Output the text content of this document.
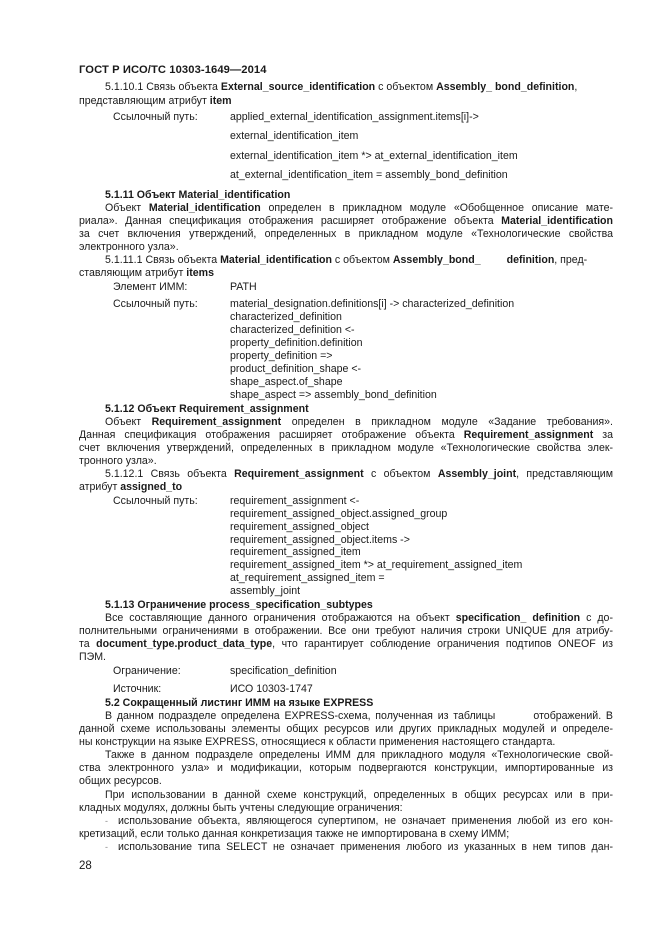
ГОСТ Р ИСО/ТС 10303-1649—2014
5.1.10.1 Связь объекта External_source_identification с объектом Assembly_ bond_definition,
представляющим атрибут item
Ссылочный путь:	applied_external_identification_assignment.items[i]->
external_identification_item
external_identification_item *> at_external_identification_item
at_external_identification_item = assembly_bond_definition
5.1.11 Объект Material_identification
Объект Material_identification определен в прикладном модуле «Обобщенное описание мате-
риала». Данная спецификация отображения расширяет отображение объекта Material_identification
за счет включения утверждений, определенных в прикладном модуле «Технологические свойства
электронного узла».
5.1.11.1 Связь объекта Material_identification с объектом Assembly_bond_ definition, пред-
ставляющим атрибут items
Элемент ИММ:	PATH
Ссылочный путь:	material_designation.definitions[i] -> characterized_definition
characterized_definition
characterized_definition <-
property_definition.definition
property_definition =>
product_definition_shape <-
shape_aspect.of_shape
shape_aspect => assembly_bond_definition
5.1.12 Объект Requirement_assignment
Объект Requirement_assignment определен в прикладном модуле «Задание требования».
Данная спецификация отображения расширяет отображение объекта Requirement_assignment за
счет включения утверждений, определенных в прикладном модуле «Технологические свойства элек-
тронного узла».
5.1.12.1 Связь объекта Requirement_assignment с объектом Assembly_joint, представляющим
атрибут assigned_to
Ссылочный путь:	requirement_assignment <-
requirement_assigned_object.assigned_group
requirement_assigned_object
requirement_assigned_object.items ->
requirement_assigned_item
requirement_assigned_item *> at_requirement_assigned_item
at_requirement_assigned_item =
assembly_joint
5.1.13 Ограничение process_specification_subtypes
Все составляющие данного ограничения отображаются на объект specification_ definition с до-
полнительными ограничениями в отображении. Все они требуют наличия строки UNIQUE для атрибу-
та document_type.product_data_type, что гарантирует соблюдение ограничения подтипов ONEOF из
ПЭМ.
Ограничение:	specification_definition
Источник:	ИСО 10303-1747
5.2 Сокращенный листинг ИММ на языке EXPRESS
В данном подразделе определена EXPRESS-схема, полученная из таблицы        отображений. В
данной схеме использованы элементы общих ресурсов или других прикладных модулей и определе-
ны конструкции на языке EXPRESS, относящиеся к области применения настоящего стандарта.
Также в данном подразделе определены ИММ для прикладного модуля «Технологические свой-
ства электронного узла» и модификации, которым подвергаются конструкции, импортированные из
общих ресурсов.
При использовании в данной схеме конструкций, определенных в общих ресурсах или в при-
кладных модулях, должны быть учтены следующие ограничения:
- использование объекта, являющегося супертипом, не означает применения любой из его кон-
кретизаций, если только данная конкретизация также не импортирована в схему ИММ;
- использование типа SELECT не означает применения любого из указанных в нем типов дан-
28
